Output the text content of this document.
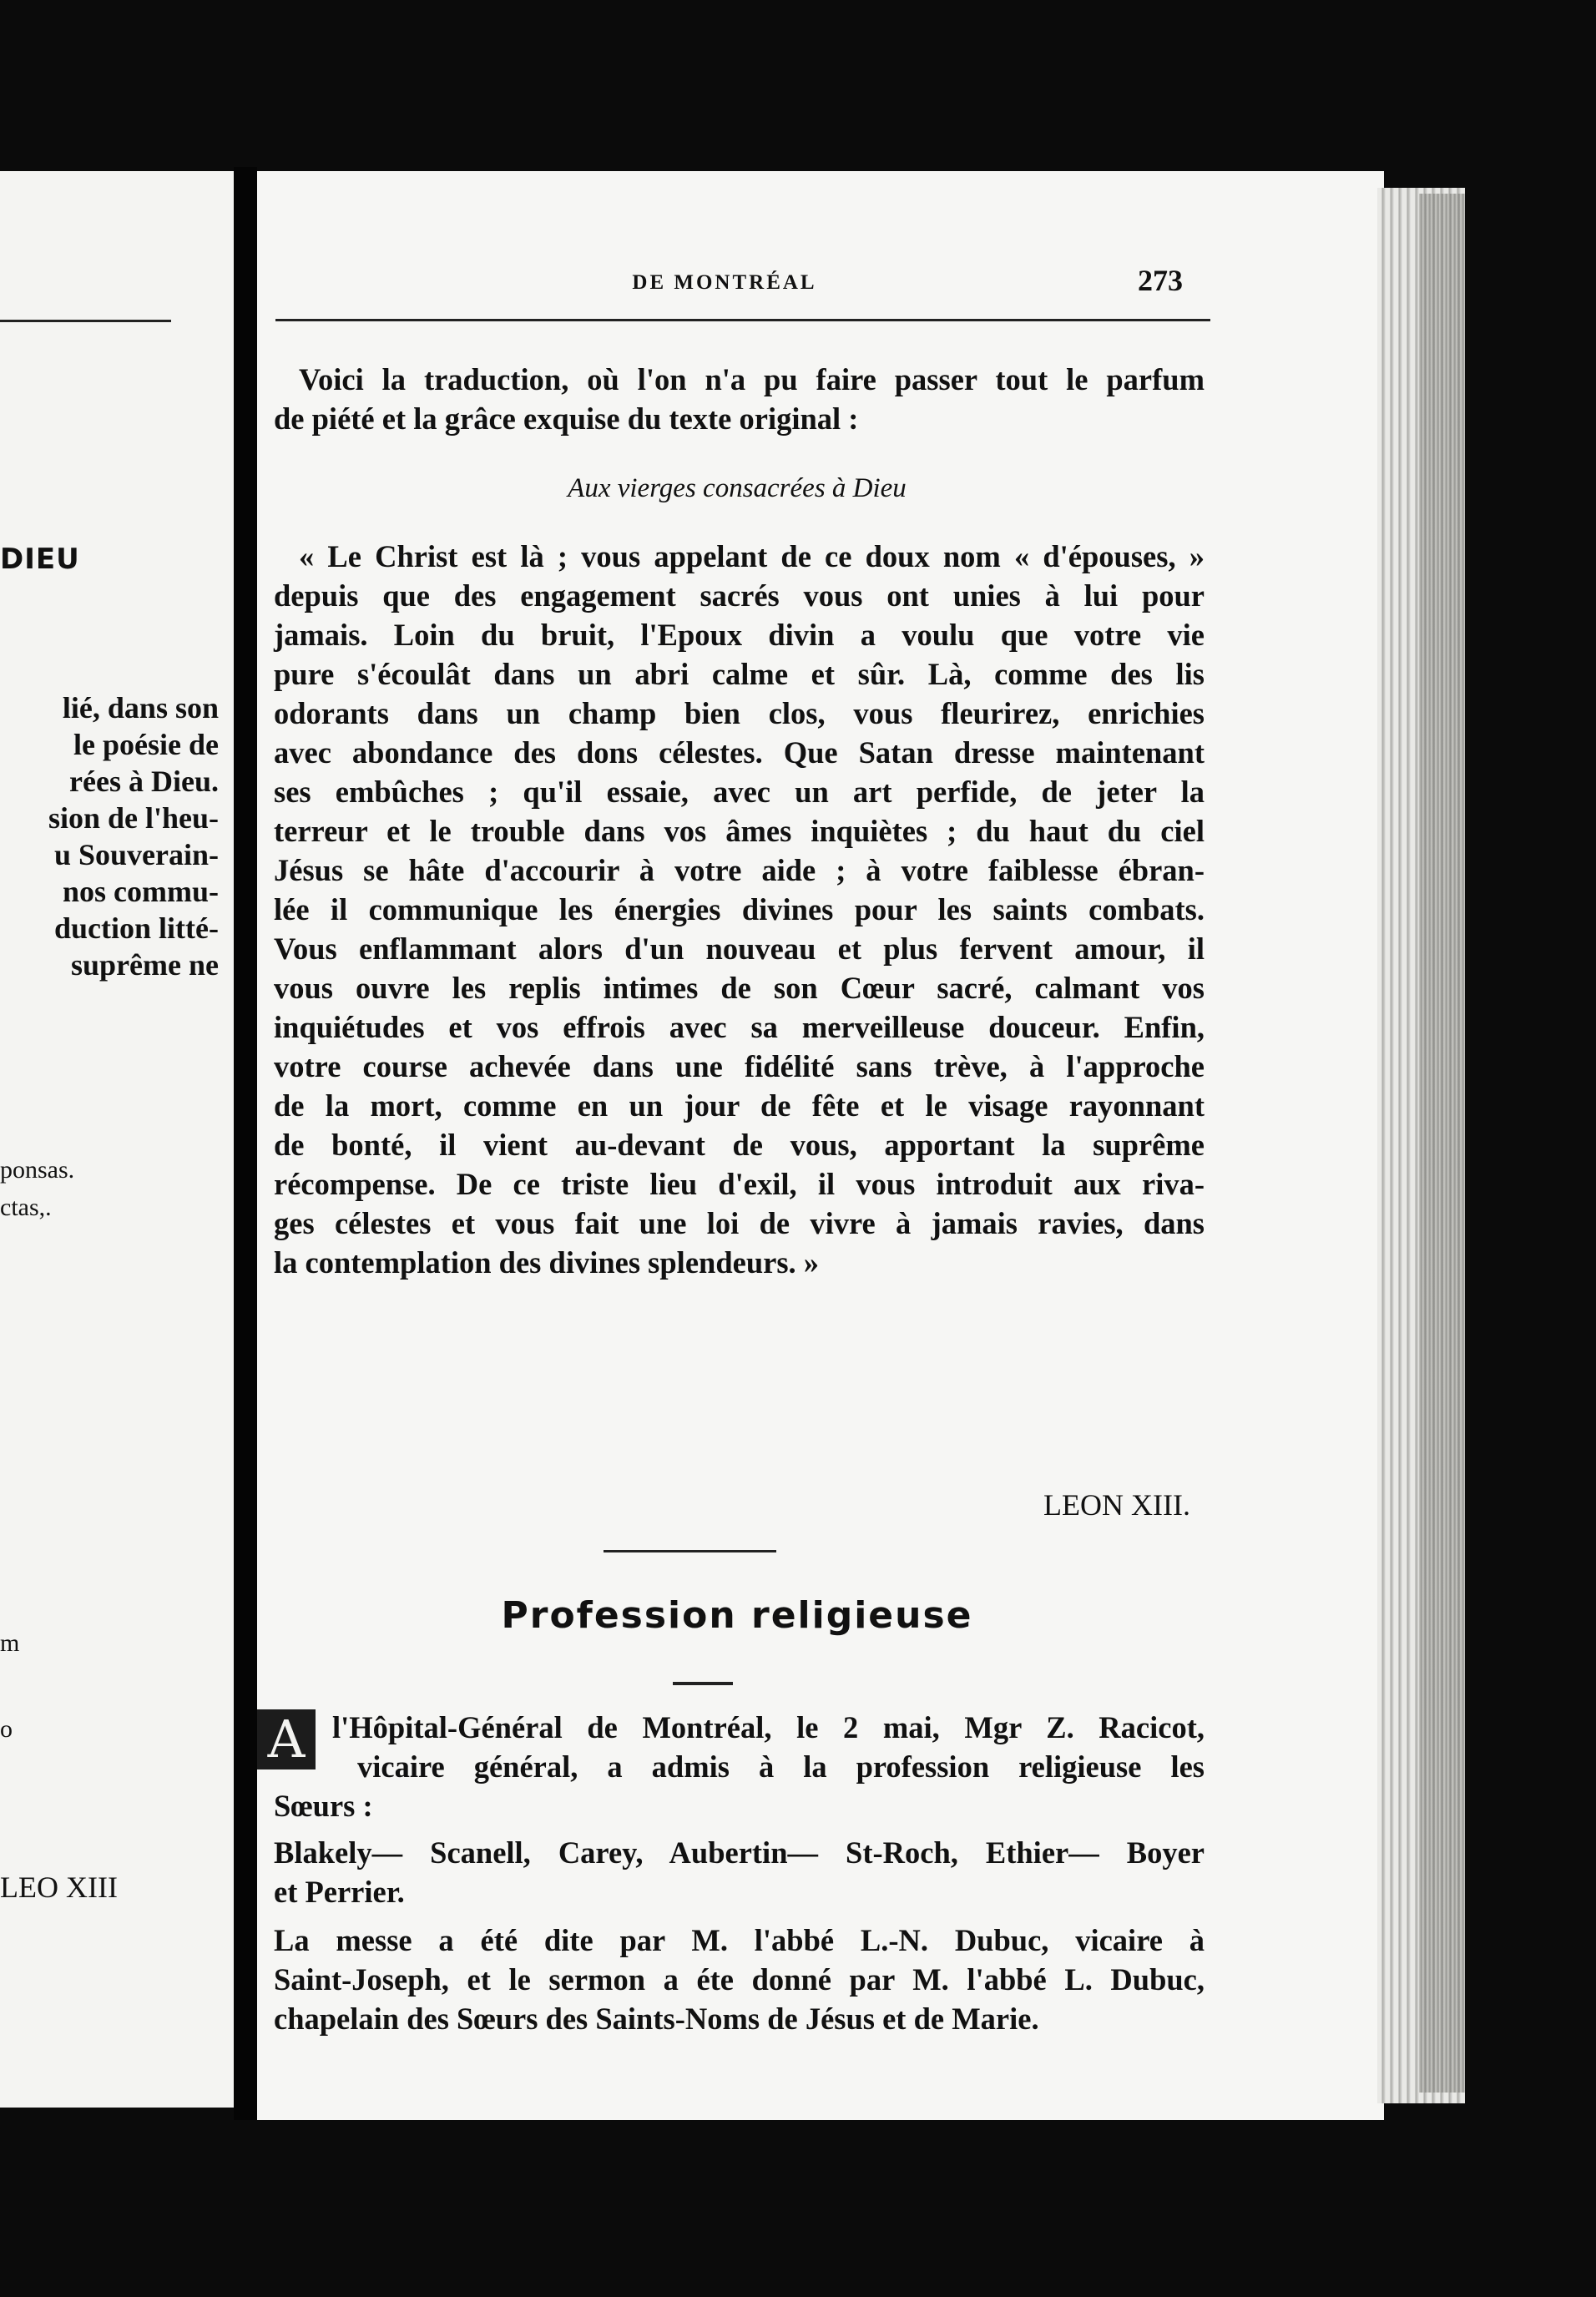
DIEU
lié, dans son
le poésie de
rées à Dieu.
sion de l'heu-
u Souverain-
nos commu-
duction litté-
suprême ne
ponsas.
ctas,.
m
o
LEO XIII
DE MONTRÉAL	273
Voici la traduction, où l'on n'a pu faire passer tout le parfum
de piété et la grâce exquise du texte original :
Aux vierges consacrées à Dieu
« Le Christ est là ; vous appelant de ce doux nom « d'épouses, »
depuis que des engagement sacrés vous ont unies à lui pour
jamais. Loin du bruit, l'Epoux divin a voulu que votre vie
pure s'écoulât dans un abri calme et sûr. Là, comme des lis
odorants dans un champ bien clos, vous fleurirez, enrichies
avec abondance des dons célestes. Que Satan dresse maintenant
ses embûches ; qu'il essaie, avec un art perfide, de jeter la
terreur et le trouble dans vos âmes inquiètes ; du haut du ciel
Jésus se hâte d'accourir à votre aide ; à votre faiblesse ébran-
lée il communique les énergies divines pour les saints combats.
Vous enflammant alors d'un nouveau et plus fervent amour, il
vous ouvre les replis intimes de son Cœur sacré, calmant vos
inquiétudes et vos effrois avec sa merveilleuse douceur. Enfin,
votre course achevée dans une fidélité sans trève, à l'approche
de la mort, comme en un jour de fête et le visage rayonnant
de bonté, il vient au-devant de vous, apportant la suprême
récompense. De ce triste lieu d'exil, il vous introduit aux riva-
ges célestes et vous fait une loi de vivre à jamais ravies, dans
la contemplation des divines splendeurs. »
LEON XIII.
Profession religieuse
A l'Hôpital-Général de Montréal, le 2 mai, Mgr Z. Racicot,
vicaire général, a admis à la profession religieuse les
Sœurs :
Blakely— Scanell, Carey, Aubertin— St-Roch, Ethier— Boyer
et Perrier.
La messe a été dite par M. l'abbé L.-N. Dubuc, vicaire à
Saint-Joseph, et le sermon a éte donné par M. l'abbé L. Dubuc,
chapelain des Sœurs des Saints-Noms de Jésus et de Marie.
